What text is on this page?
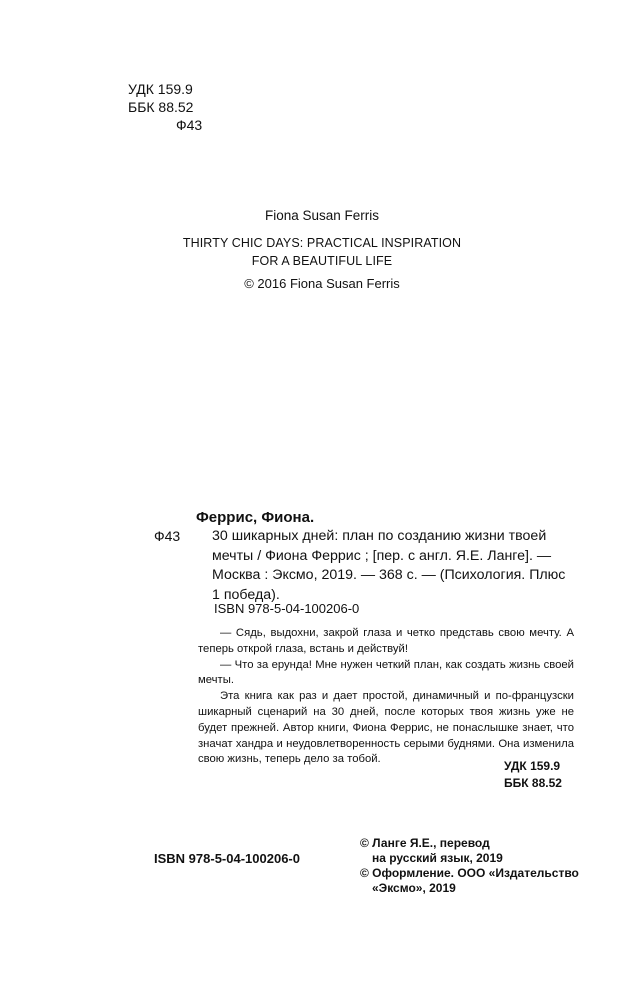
УДК 159.9
ББК 88.52
Ф43
Fiona Susan Ferris
THIRTY CHIC DAYS: PRACTICAL INSPIRATION
FOR A BEAUTIFUL LIFE
© 2016 Fiona Susan Ferris
Феррис, Фиона.
Ф43 30 шикарных дней: план по созданию жизни твоей
мечты / Фиона Феррис ; [пер. с англ. Я.Е. Ланге]. —
Москва : Эксмо, 2019. — 368 с. — (Психология. Плюс
1 победа).
ISBN 978-5-04-100206-0

— Сядь, выдохни, закрой глаза и четко представь свою мечту. А теперь открой глаза, встань и действуй!

— Что за ерунда! Мне нужен четкий план, как создать жизнь своей мечты.

Эта книга как раз и дает простой, динамичный и по-французски шикарный сценарий на 30 дней, после которых твоя жизнь уже не будет прежней. Автор книги, Фиона Феррис, не понаслышке знает, что значат хандра и неудовлетворенность серыми буднями. Она изменила свою жизнь, теперь дело за тобой.	УДК 159.9
ББК 88.52
© Ланге Я.Е., перевод
на русский язык, 2019
© Оформление. ООО «Издательство
«Эксмо», 2019
ISBN 978-5-04-100206-0
